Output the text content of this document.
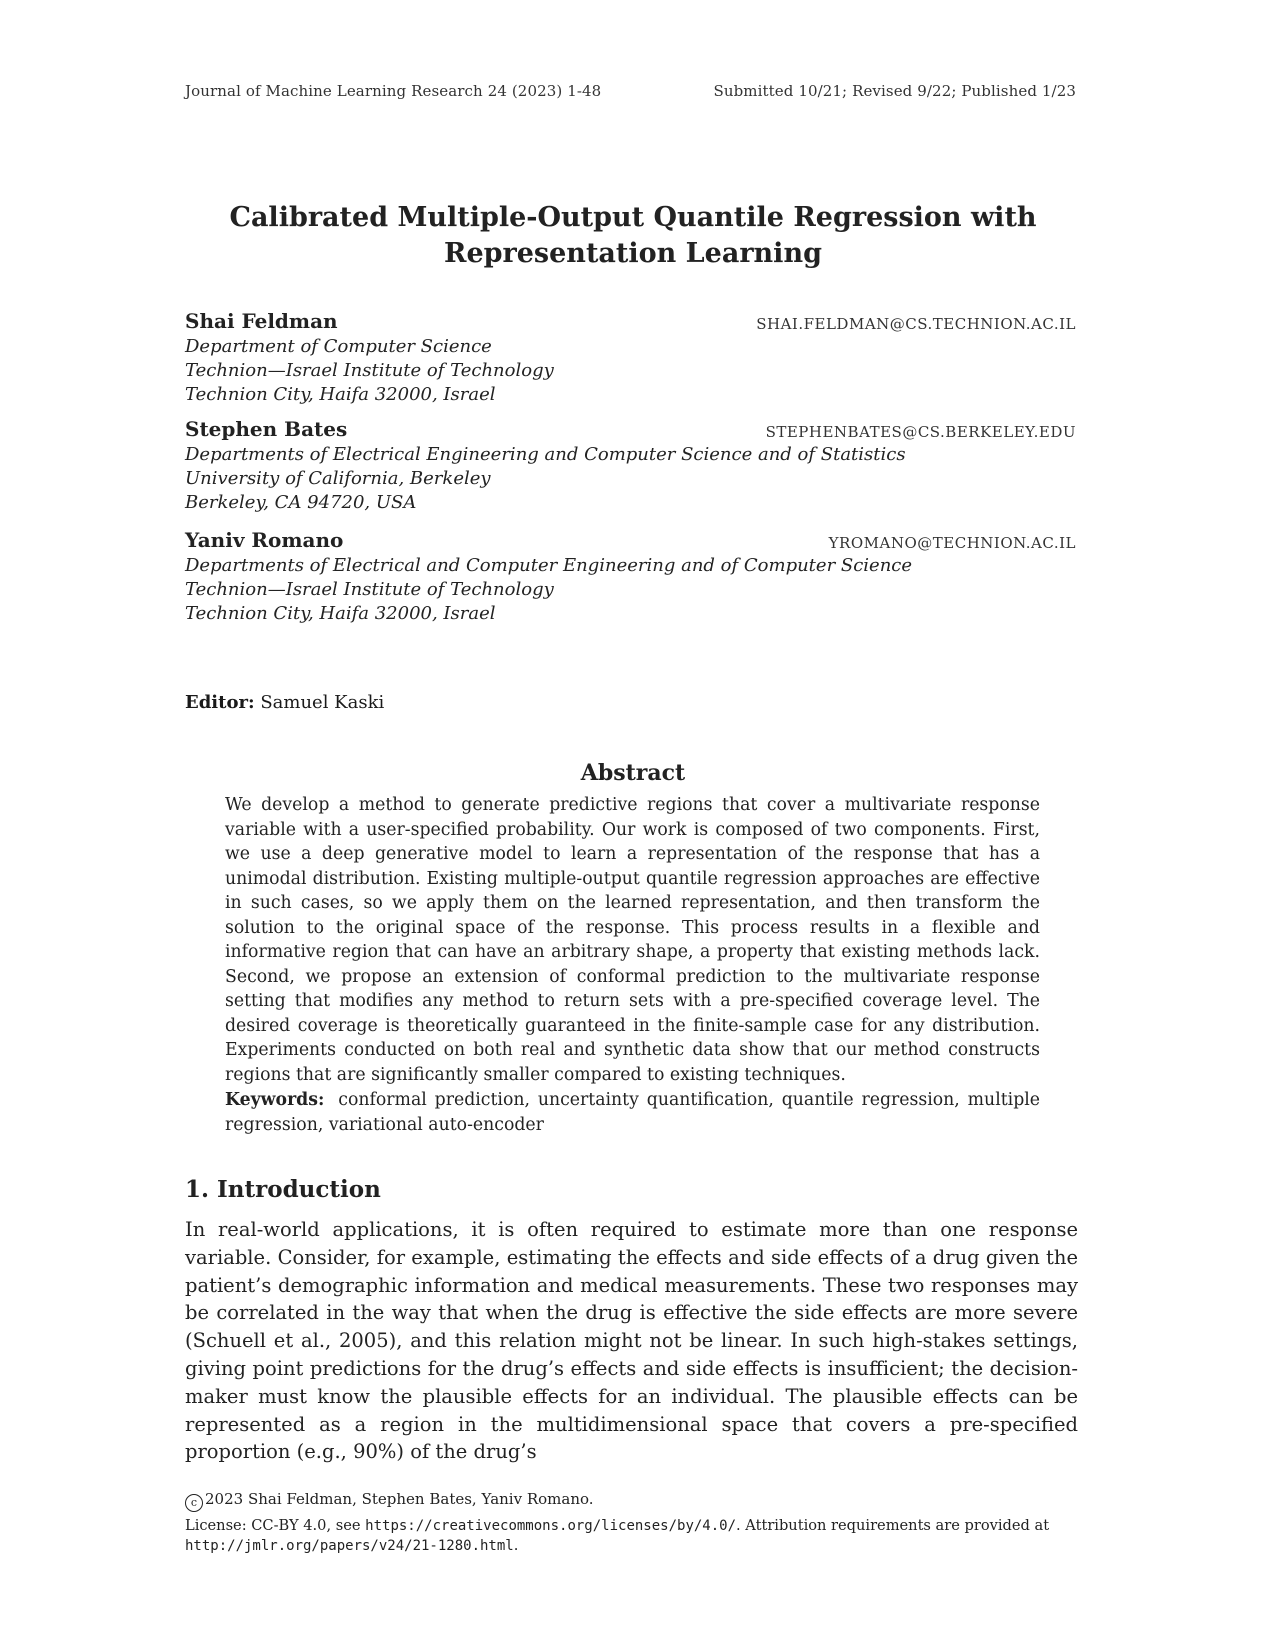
Journal of Machine Learning Research 24 (2023) 1-48	Submitted 10/21; Revised 9/22; Published 1/23
Calibrated Multiple-Output Quantile Regression with
Representation Learning
Shai Feldman	SHAI.FELDMAN@CS.TECHNION.AC.IL
Department of Computer Science
Technion—Israel Institute of Technology
Technion City, Haifa 32000, Israel
Stephen Bates	STEPHENBATES@CS.BERKELEY.EDU
Departments of Electrical Engineering and Computer Science and of Statistics
University of California, Berkeley
Berkeley, CA 94720, USA
Yaniv Romano	YROMANO@TECHNION.AC.IL
Departments of Electrical and Computer Engineering and of Computer Science
Technion—Israel Institute of Technology
Technion City, Haifa 32000, Israel
Editor: Samuel Kaski
Abstract
We develop a method to generate predictive regions that cover a multivariate response variable with a user-specified probability. Our work is composed of two components. First, we use a deep generative model to learn a representation of the response that has a unimodal distribution. Existing multiple-output quantile regression approaches are effective in such cases, so we apply them on the learned representation, and then transform the solution to the original space of the response. This process results in a flexible and informative region that can have an arbitrary shape, a property that existing methods lack. Second, we propose an extension of conformal prediction to the multivariate response setting that modifies any method to return sets with a pre-specified coverage level. The desired coverage is theoretically guaranteed in the finite-sample case for any distribution. Experiments conducted on both real and synthetic data show that our method constructs regions that are significantly smaller compared to existing techniques.
Keywords: conformal prediction, uncertainty quantification, quantile regression, multiple regression, variational auto-encoder
1. Introduction
In real-world applications, it is often required to estimate more than one response variable. Consider, for example, estimating the effects and side effects of a drug given the patient’s demographic information and medical measurements. These two responses may be correlated in the way that when the drug is effective the side effects are more severe (Schuell et al., 2005), and this relation might not be linear. In such high-stakes settings, giving point predictions for the drug’s effects and side effects is insufficient; the decision-maker must know the plausible effects for an individual. The plausible effects can be represented as a region in the multidimensional space that covers a pre-specified proportion (e.g., 90%) of the drug’s
c 2023 Shai Feldman, Stephen Bates, Yaniv Romano.
License: CC-BY 4.0, see https://creativecommons.org/licenses/by/4.0/. Attribution requirements are provided at http://jmlr.org/papers/v24/21-1280.html.
